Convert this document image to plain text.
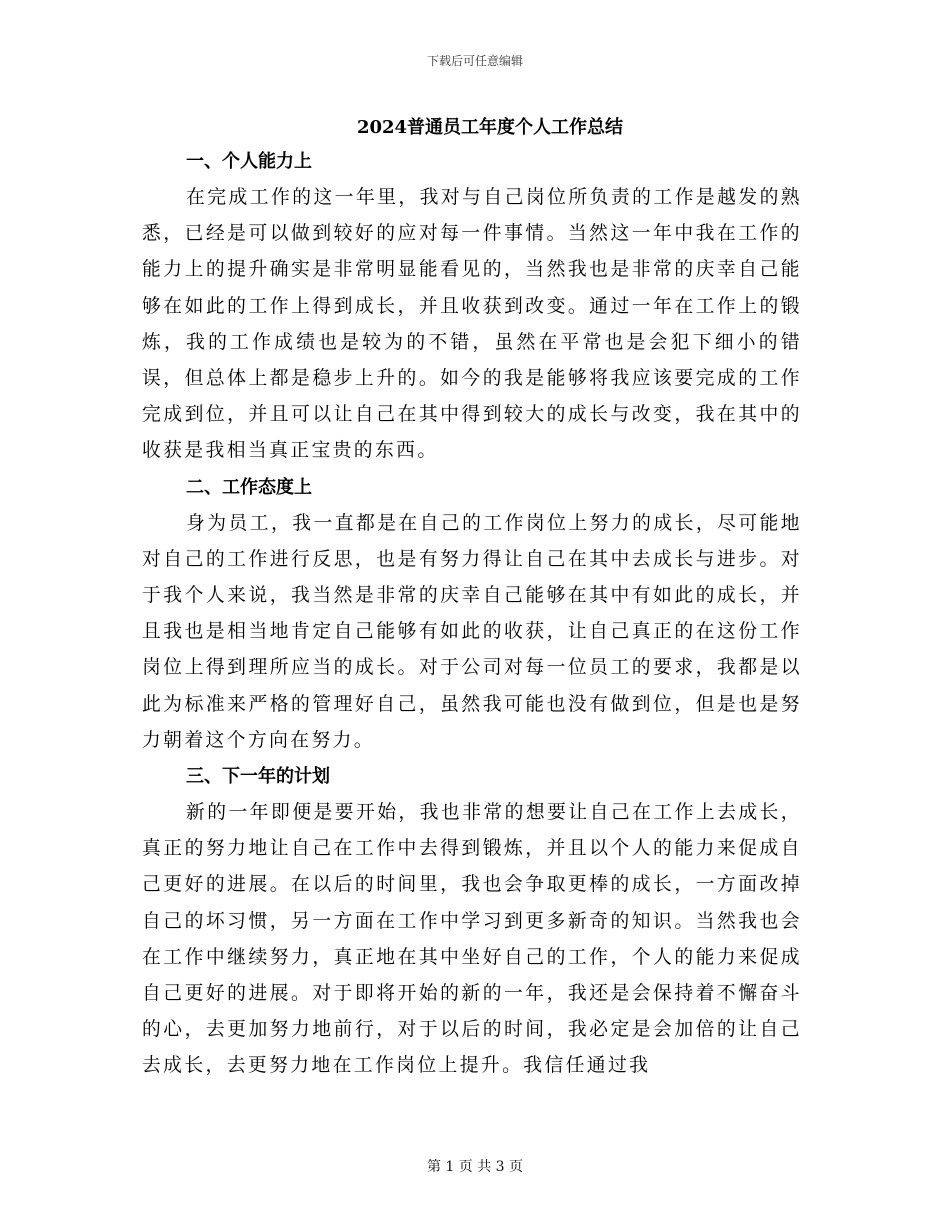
下载后可任意编辑
2024普通员工年度个人工作总结
一、个人能力上

在完成工作的这一年里，我对与自己岗位所负责的工作是越发的熟悉，已经是可以做到较好的应对每一件事情。当然这一年中我在工作的能力上的提升确实是非常明显能看见的，当然我也是非常的庆幸自己能够在如此的工作上得到成长，并且收获到改变。通过一年在工作上的锻炼，我的工作成绩也是较为的不错，虽然在平常也是会犯下细小的错误，但总体上都是稳步上升的。如今的我是能够将我应该要完成的工作完成到位，并且可以让自己在其中得到较大的成长与改变，我在其中的收获是我相当真正宝贵的东西。

二、工作态度上

身为员工，我一直都是在自己的工作岗位上努力的成长，尽可能地对自己的工作进行反思，也是有努力得让自己在其中去成长与进步。对于我个人来说，我当然是非常的庆幸自己能够在其中有如此的成长，并且我也是相当地肯定自己能够有如此的收获，让自己真正的在这份工作岗位上得到理所应当的成长。对于公司对每一位员工的要求，我都是以此为标准来严格的管理好自己，虽然我可能也没有做到位，但是也是努力朝着这个方向在努力。

三、下一年的计划

新的一年即便是要开始，我也非常的想要让自己在工作上去成长，真正的努力地让自己在工作中去得到锻炼，并且以个人的能力来促成自己更好的进展。在以后的时间里，我也会争取更棒的成长，一方面改掉自己的坏习惯，另一方面在工作中学习到更多新奇的知识。当然我也会在工作中继续努力，真正地在其中坐好自己的工作，个人的能力来促成自己更好的进展。对于即将开始的新的一年，我还是会保持着不懈奋斗的心，去更加努力地前行，对于以后的时间，我必定是会加倍的让自己去成长，去更努力地在工作岗位上提升。我信任通过我

第 1 页 共 3 页
